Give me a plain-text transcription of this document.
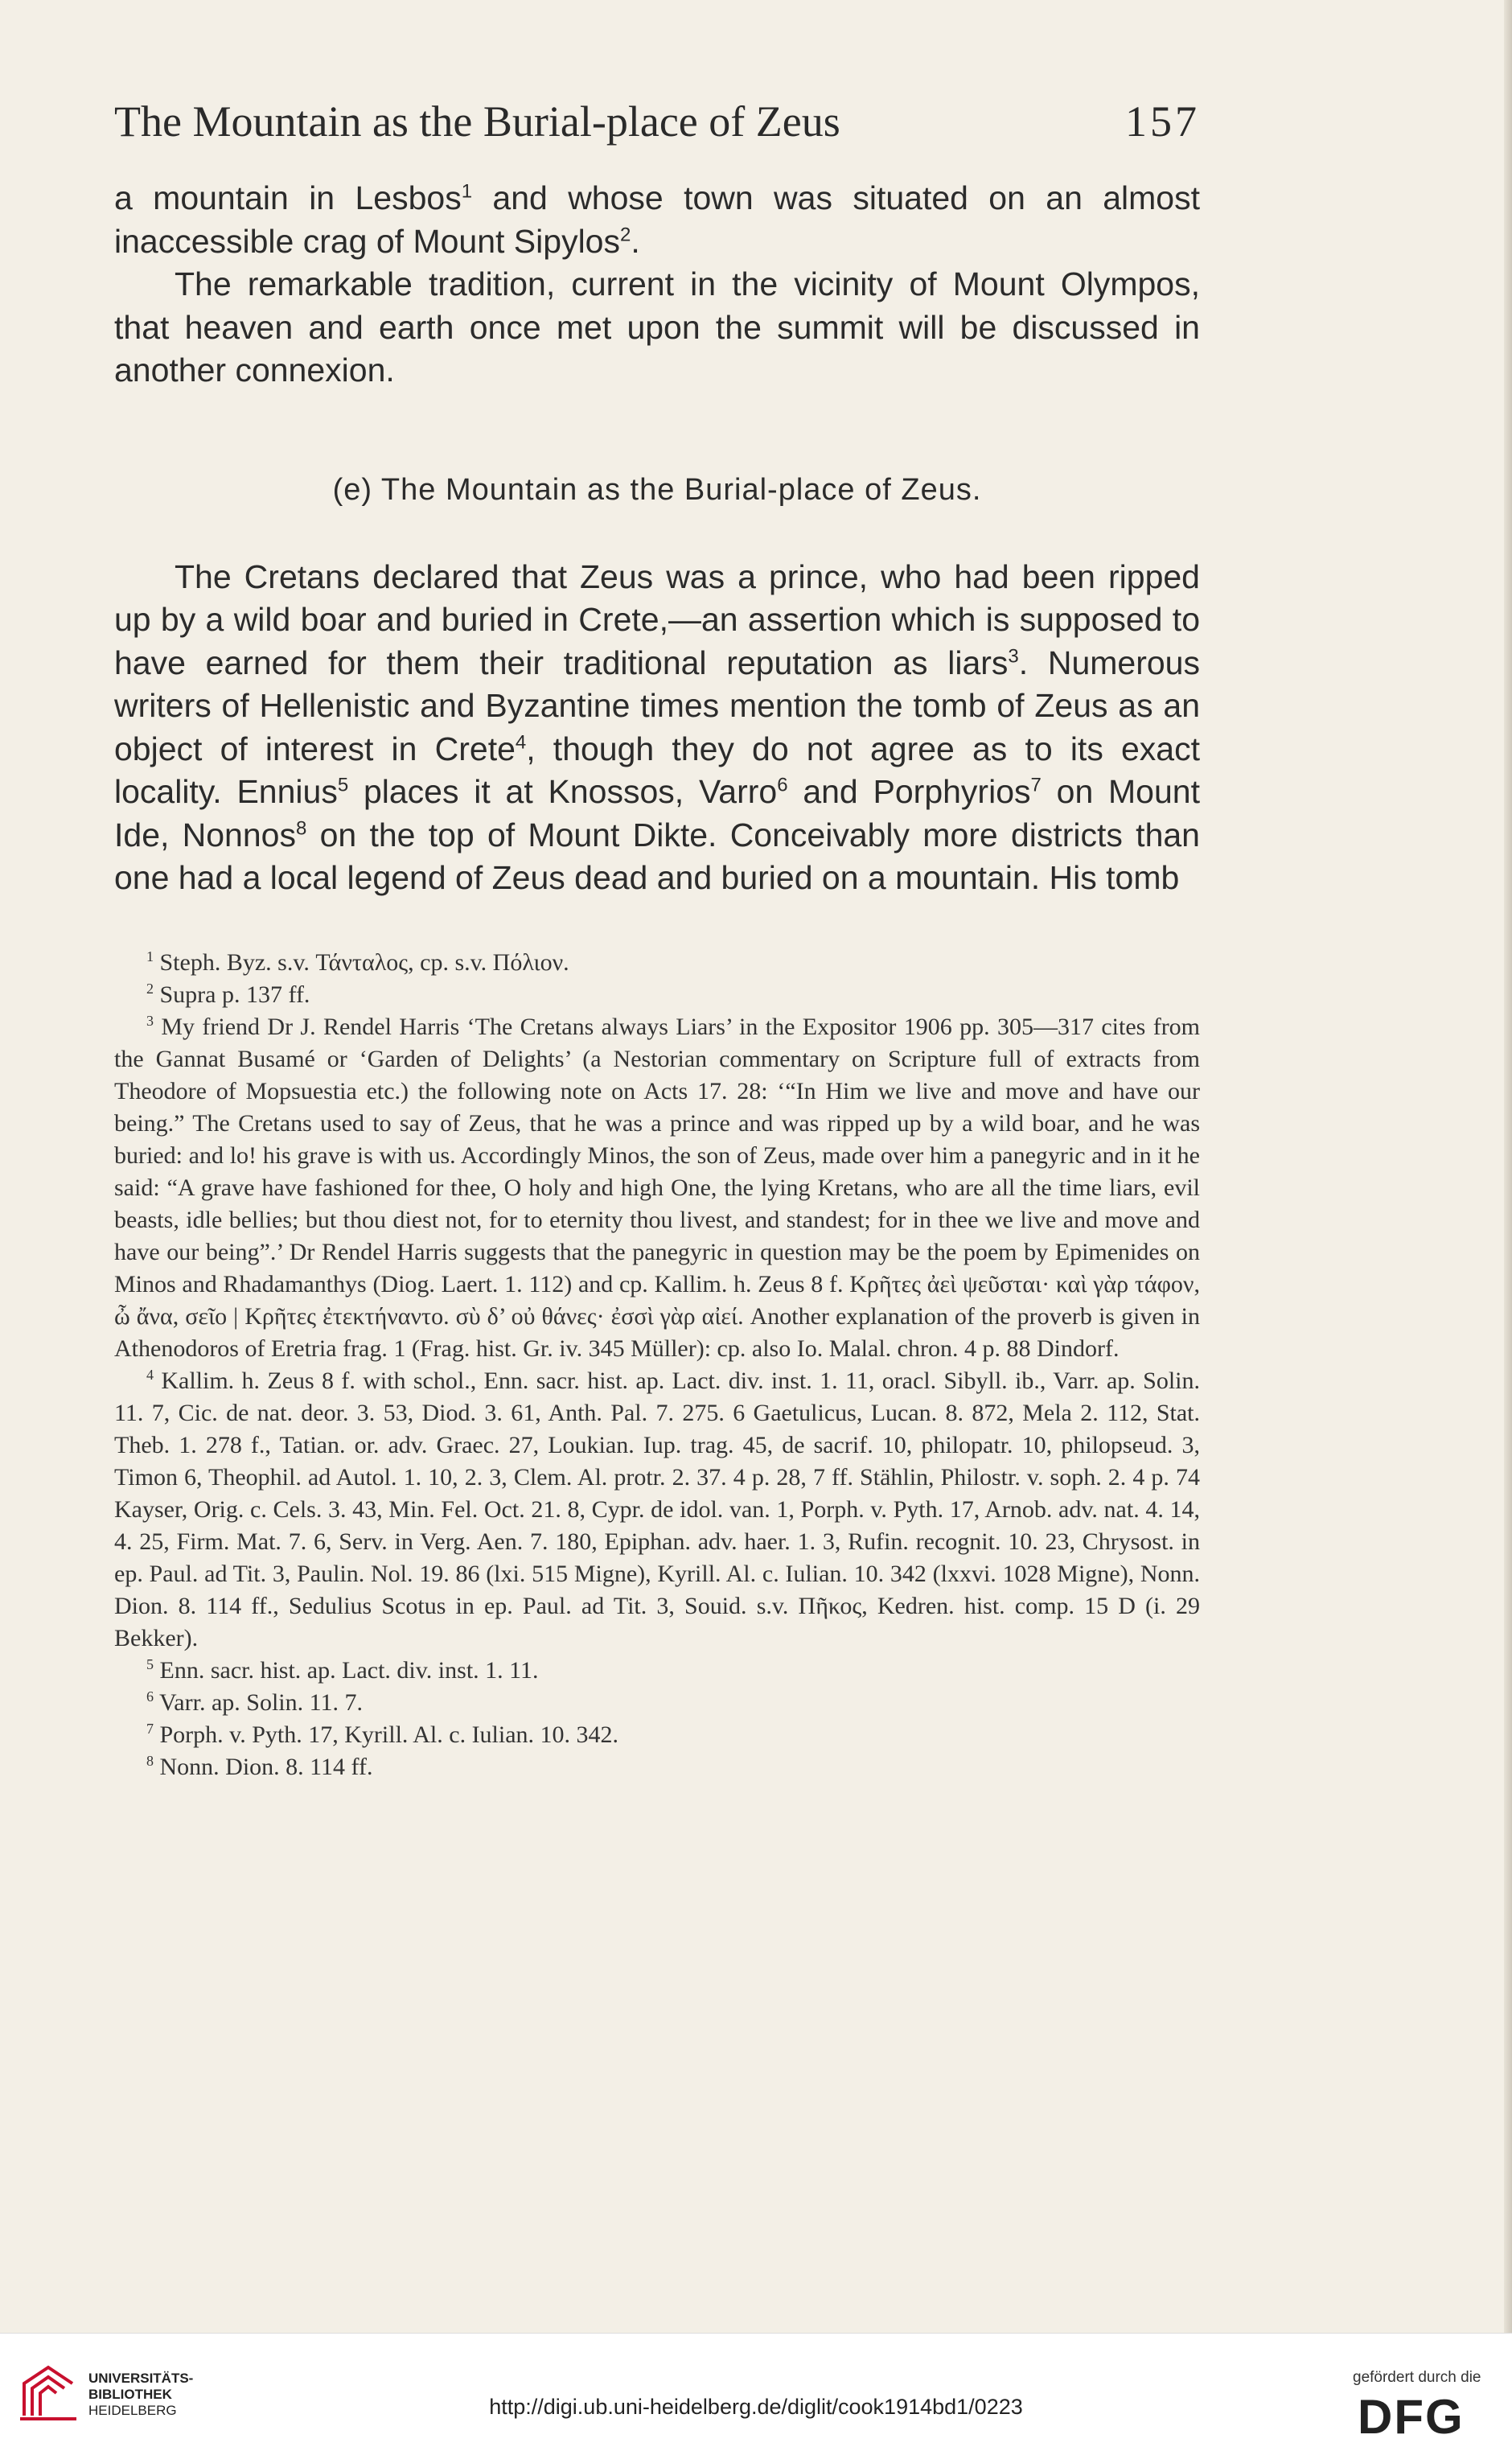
The Mountain as the Burial-place of Zeus	157

a mountain in Lesbos$^1$ and whose town was situated on an almost inaccessible crag of Mount Sipylos$^2$.

The remarkable tradition, current in the vicinity of Mount Olympos, that heaven and earth once met upon the summit will be discussed in another connexion.

(e) The Mountain as the Burial-place of Zeus.

The Cretans declared that Zeus was a prince, who had been ripped up by a wild boar and buried in Crete,—an assertion which is supposed to have earned for them their traditional reputation as liars$^3$. Numerous writers of Hellenistic and Byzantine times mention the tomb of Zeus as an object of interest in Crete$^4$, though they do not agree as to its exact locality. Ennius$^5$ places it at Knossos, Varro$^6$ and Porphyrios$^7$ on Mount Ide, Nonnos$^8$ on the top of Mount Dikte. Conceivably more districts than one had a local legend of Zeus dead and buried on a mountain. His tomb

$^1$ Steph. Byz. s.v. Τάνταλος, cp. s.v. Πόλιον.

$^2$ Supra p. 137 ff.

$^3$ My friend Dr J. Rendel Harris ‘The Cretans always Liars’ in the Expositor 1906 pp. 305—317 cites from the Gannat Busamé or ‘Garden of Delights’ (a Nestorian commentary on Scripture full of extracts from Theodore of Mopsuestia etc.) the following note on Acts 17. 28: ‘“In Him we live and move and have our being.” The Cretans used to say of Zeus, that he was a prince and was ripped up by a wild boar, and he was buried: and lo! his grave is with us. Accordingly Minos, the son of Zeus, made over him a panegyric and in it he said: “A grave have fashioned for thee, O holy and high One, the lying Kretans, who are all the time liars, evil beasts, idle bellies; but thou diest not, for to eternity thou livest, and standest; for in thee we live and move and have our being”.’ Dr Rendel Harris suggests that the panegyric in question may be the poem by Epimenides on Minos and Rhadamanthys (Diog. Laert. 1. 112) and cp. Kallim. h. Zeus 8 f. Κρῆτες ἀεὶ ψεῦσται· καὶ γὰρ τάφον, ὦ ἄνα, σεῖο | Κρῆτες ἐτεκτήναντο. σὺ δ’ οὐ θάνες· ἐσσὶ γὰρ αἰεί. Another explanation of the proverb is given in Athenodoros of Eretria frag. 1 (Frag. hist. Gr. iv. 345 Müller): cp. also Io. Malal. chron. 4 p. 88 Dindorf.

$^4$ Kallim. h. Zeus 8 f. with schol., Enn. sacr. hist. ap. Lact. div. inst. 1. 11, oracl. Sibyll. ib., Varr. ap. Solin. 11. 7, Cic. de nat. deor. 3. 53, Diod. 3. 61, Anth. Pal. 7. 275. 6 Gaetulicus, Lucan. 8. 872, Mela 2. 112, Stat. Theb. 1. 278 f., Tatian. or. adv. Graec. 27, Loukian. Iup. trag. 45, de sacrif. 10, philopatr. 10, philopseud. 3, Timon 6, Theophil. ad Autol. 1. 10, 2. 3, Clem. Al. protr. 2. 37. 4 p. 28, 7 ff. Stählin, Philostr. v. soph. 2. 4 p. 74 Kayser, Orig. c. Cels. 3. 43, Min. Fel. Oct. 21. 8, Cypr. de idol. van. 1, Porph. v. Pyth. 17, Arnob. adv. nat. 4. 14, 4. 25, Firm. Mat. 7. 6, Serv. in Verg. Aen. 7. 180, Epiphan. adv. haer. 1. 3, Rufin. recognit. 10. 23, Chrysost. in ep. Paul. ad Tit. 3, Paulin. Nol. 19. 86 (lxi. 515 Migne), Kyrill. Al. c. Iulian. 10. 342 (lxxvi. 1028 Migne), Nonn. Dion. 8. 114 ff., Sedulius Scotus in ep. Paul. ad Tit. 3, Souid. s.v. Πῆκος, Kedren. hist. comp. 15 D (i. 29 Bekker).

$^5$ Enn. sacr. hist. ap. Lact. div. inst. 1. 11.

$^6$ Varr. ap. Solin. 11. 7.

$^7$ Porph. v. Pyth. 17, Kyrill. Al. c. Iulian. 10. 342.

$^8$ Nonn. Dion. 8. 114 ff.

UNIVERSITÄTS-
BIBLIOTHEK
HEIDELBERG	http://digi.ub.uni-heidelberg.de/diglit/cook1914bd1/0223
gefördert durch die
DFG
